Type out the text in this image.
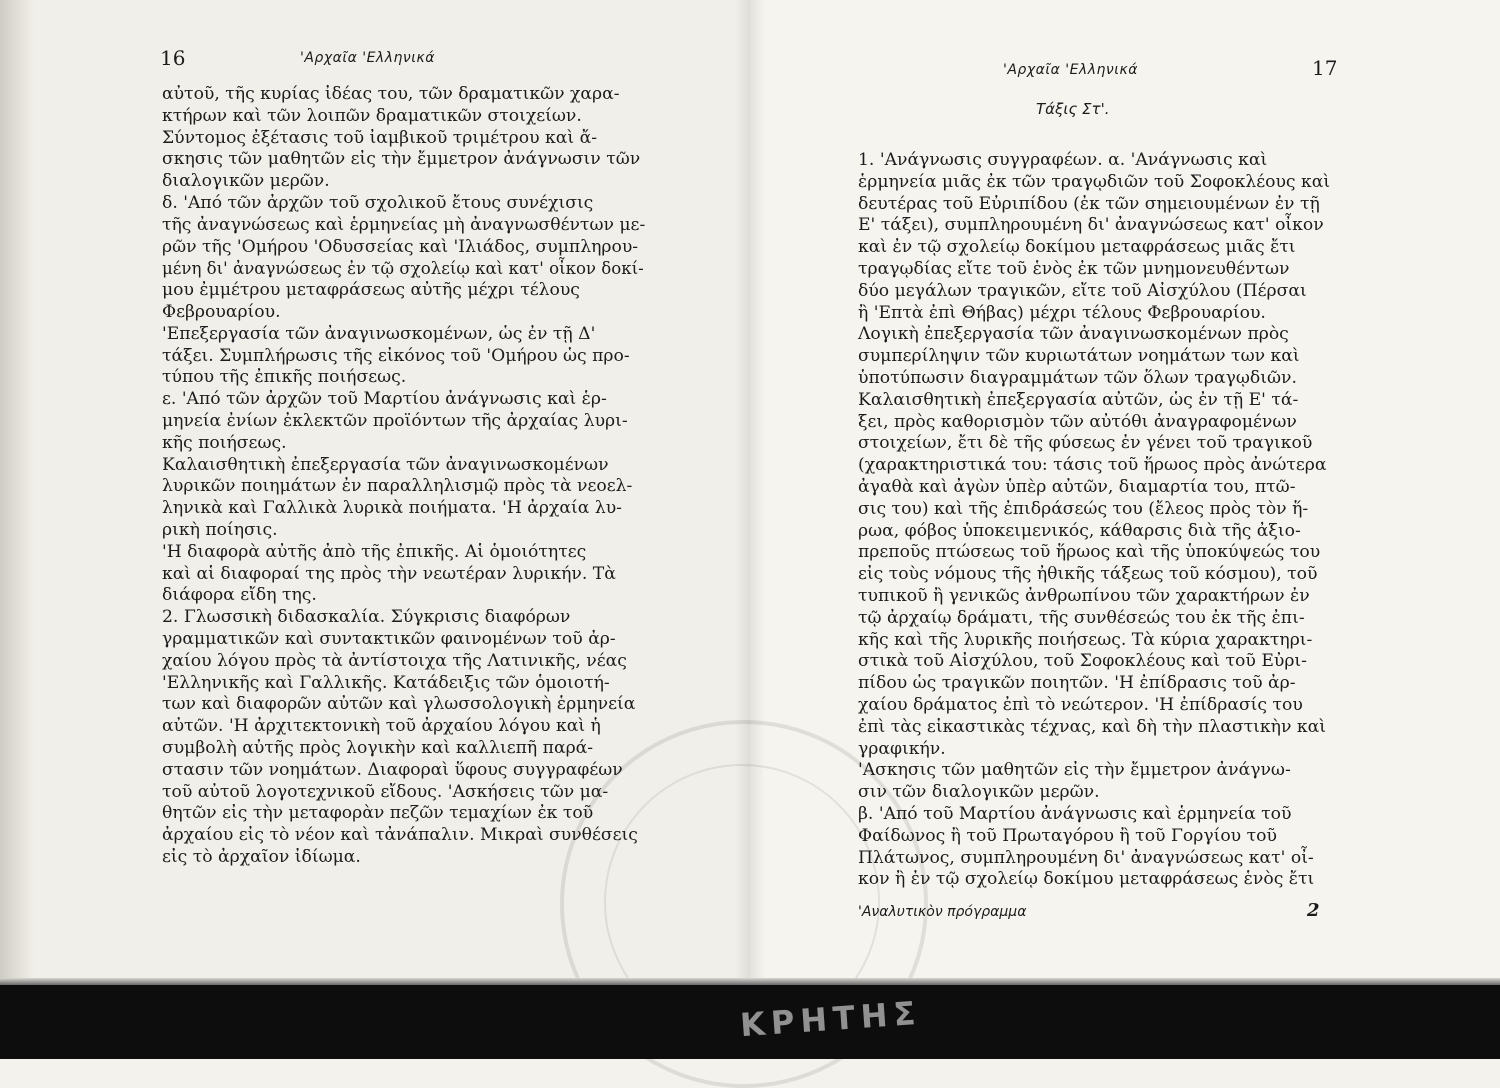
ΚΡΗΤΗΣ
16	'Αρχαῖα 'Ελληνικά
'Αρχαῖα 'Ελληνικά	17
Τάξις Στ'.
αὐτοῦ, τῆς κυρίας ἰδέας του, τῶν δραματικῶν χαρα-
κτήρων καὶ τῶν λοιπῶν δραματικῶν στοιχείων.
Σύντομος ἐξέτασις τοῦ ἰαμβικοῦ τριμέτρου καὶ ἄ-
σκησις τῶν μαθητῶν εἰς τὴν ἔμμετρον ἀνάγνωσιν τῶν
διαλογικῶν μερῶν.
δ. 'Από τῶν ἀρχῶν τοῦ σχολικοῦ ἔτους συνέχισις
τῆς ἀναγνώσεως καὶ ἑρμηνείας μὴ ἀναγνωσθέντων με-
ρῶν τῆς 'Ομήρου 'Οδυσσείας καὶ 'Ιλιάδος, συμπληρου-
μένη δι' ἀναγνώσεως ἐν τῷ σχολείῳ καὶ κατ' οἶκον δοκί-
μου ἐμμέτρου μεταφράσεως αὐτῆς μέχρι τέλους
Φεβρουαρίου.
'Επεξεργασία τῶν ἀναγινωσκομένων, ὡς ἐν τῇ Δ'
τάξει. Συμπλήρωσις τῆς εἰκόνος τοῦ 'Ομήρου ὡς προ-
τύπου τῆς ἐπικῆς ποιήσεως.
ε. 'Από τῶν ἀρχῶν τοῦ Μαρτίου ἀνάγνωσις καὶ ἑρ-
μηνεία ἐνίων ἐκλεκτῶν προϊόντων τῆς ἀρχαίας λυρι-
κῆς ποιήσεως.
Καλαισθητικὴ ἐπεξεργασία τῶν ἀναγινωσκομένων
λυρικῶν ποιημάτων ἐν παραλληλισμῷ πρὸς τὰ νεοελ-
ληνικὰ καὶ Γαλλικὰ λυρικὰ ποιήματα. 'Η ἀρχαία λυ-
ρικὴ ποίησις.
'Η διαφορὰ αὐτῆς ἀπὸ τῆς ἐπικῆς. Αἱ ὁμοιότητες
καὶ αἱ διαφοραί της πρὸς τὴν νεωτέραν λυρικήν. Τὰ
διάφορα εἴδη της.
2. Γλωσσικὴ διδασκαλία. Σύγκρισις διαφόρων
γραμματικῶν καὶ συντακτικῶν φαινομένων τοῦ ἀρ-
χαίου λόγου πρὸς τὰ ἀντίστοιχα τῆς Λατινικῆς, νέας
'Ελληνικῆς καὶ Γαλλικῆς. Κατάδειξις τῶν ὁμοιοτή-
των καὶ διαφορῶν αὐτῶν καὶ γλωσσολογικὴ ἑρμηνεία
αὐτῶν. 'Η ἀρχιτεκτονικὴ τοῦ ἀρχαίου λόγου καὶ ἡ
συμβολὴ αὐτῆς πρὸς λογικὴν καὶ καλλιεπῆ παρά-
στασιν τῶν νοημάτων. Διαφοραὶ ὕφους συγγραφέων
τοῦ αὐτοῦ λογοτεχνικοῦ εἴδους. 'Ασκήσεις τῶν μα-
θητῶν εἰς τὴν μεταφορὰν πεζῶν τεμαχίων ἐκ τοῦ
ἀρχαίου εἰς τὸ νέον καὶ τἀνάπαλιν. Μικραὶ συνθέσεις
εἰς τὸ ἀρχαῖον ἰδίωμα.
1. 'Ανάγνωσις συγγραφέων. α. 'Ανάγνωσις καὶ
ἑρμηνεία μιᾶς ἐκ τῶν τραγῳδιῶν τοῦ Σοφοκλέους καὶ
δευτέρας τοῦ Εὐριπίδου (ἐκ τῶν σημειουμένων ἐν τῇ
Ε' τάξει), συμπληρουμένη δι' ἀναγνώσεως κατ' οἶκον
καὶ ἐν τῷ σχολείῳ δοκίμου μεταφράσεως μιᾶς ἔτι
τραγῳδίας εἴτε τοῦ ἑνὸς ἐκ τῶν μνημονευθέντων
δύο μεγάλων τραγικῶν, εἴτε τοῦ Αἰσχύλου (Πέρσαι
ἢ 'Επτὰ ἐπὶ Θήβας) μέχρι τέλους Φεβρουαρίου.
Λογικὴ ἐπεξεργασία τῶν ἀναγινωσκομένων πρὸς
συμπερίληψιν τῶν κυριωτάτων νοημάτων των καὶ
ὑποτύπωσιν διαγραμμάτων τῶν ὅλων τραγῳδιῶν.
Καλαισθητικὴ ἐπεξεργασία αὐτῶν, ὡς ἐν τῇ Ε' τά-
ξει, πρὸς καθορισμὸν τῶν αὐτόθι ἀναγραφομένων
στοιχείων, ἔτι δὲ τῆς φύσεως ἐν γένει τοῦ τραγικοῦ
(χαρακτηριστικά του: τάσις τοῦ ἥρωος πρὸς ἀνώτερα
ἀγαθὰ καὶ ἀγὼν ὑπὲρ αὐτῶν, διαμαρτία του, πτῶ-
σις του) καὶ τῆς ἐπιδράσεώς του (ἔλεος πρὸς τὸν ἥ-
ρωα, φόβος ὑποκειμενικός, κάθαρσις διὰ τῆς ἀξιο-
πρεποῦς πτώσεως τοῦ ἥρωος καὶ τῆς ὑποκύψεώς του
εἰς τοὺς νόμους τῆς ἠθικῆς τάξεως τοῦ κόσμου), τοῦ
τυπικοῦ ἢ γενικῶς ἀνθρωπίνου τῶν χαρακτήρων ἐν
τῷ ἀρχαίῳ δράματι, τῆς συνθέσεώς του ἐκ τῆς ἐπι-
κῆς καὶ τῆς λυρικῆς ποιήσεως. Τὰ κύρια χαρακτηρι-
στικὰ τοῦ Αἰσχύλου, τοῦ Σοφοκλέους καὶ τοῦ Εὐρι-
πίδου ὡς τραγικῶν ποιητῶν. 'Η ἐπίδρασις τοῦ ἀρ-
χαίου δράματος ἐπὶ τὸ νεώτερον. 'Η ἐπίδρασίς του
ἐπὶ τὰς εἰκαστικὰς τέχνας, καὶ δὴ τὴν πλαστικὴν καὶ
γραφικήν.
'Ασκησις τῶν μαθητῶν εἰς τὴν ἔμμετρον ἀνάγνω-
σιν τῶν διαλογικῶν μερῶν.
β. 'Από τοῦ Μαρτίου ἀνάγνωσις καὶ ἑρμηνεία τοῦ
Φαίδωνος ἢ τοῦ Πρωταγόρου ἢ τοῦ Γοργίου τοῦ
Πλάτωνος, συμπληρουμένη δι' ἀναγνώσεως κατ' οἶ-
κον ἢ ἐν τῷ σχολείῳ δοκίμου μεταφράσεως ἑνὸς ἔτι
'Αναλυτικὸν πρόγραμμα	2
